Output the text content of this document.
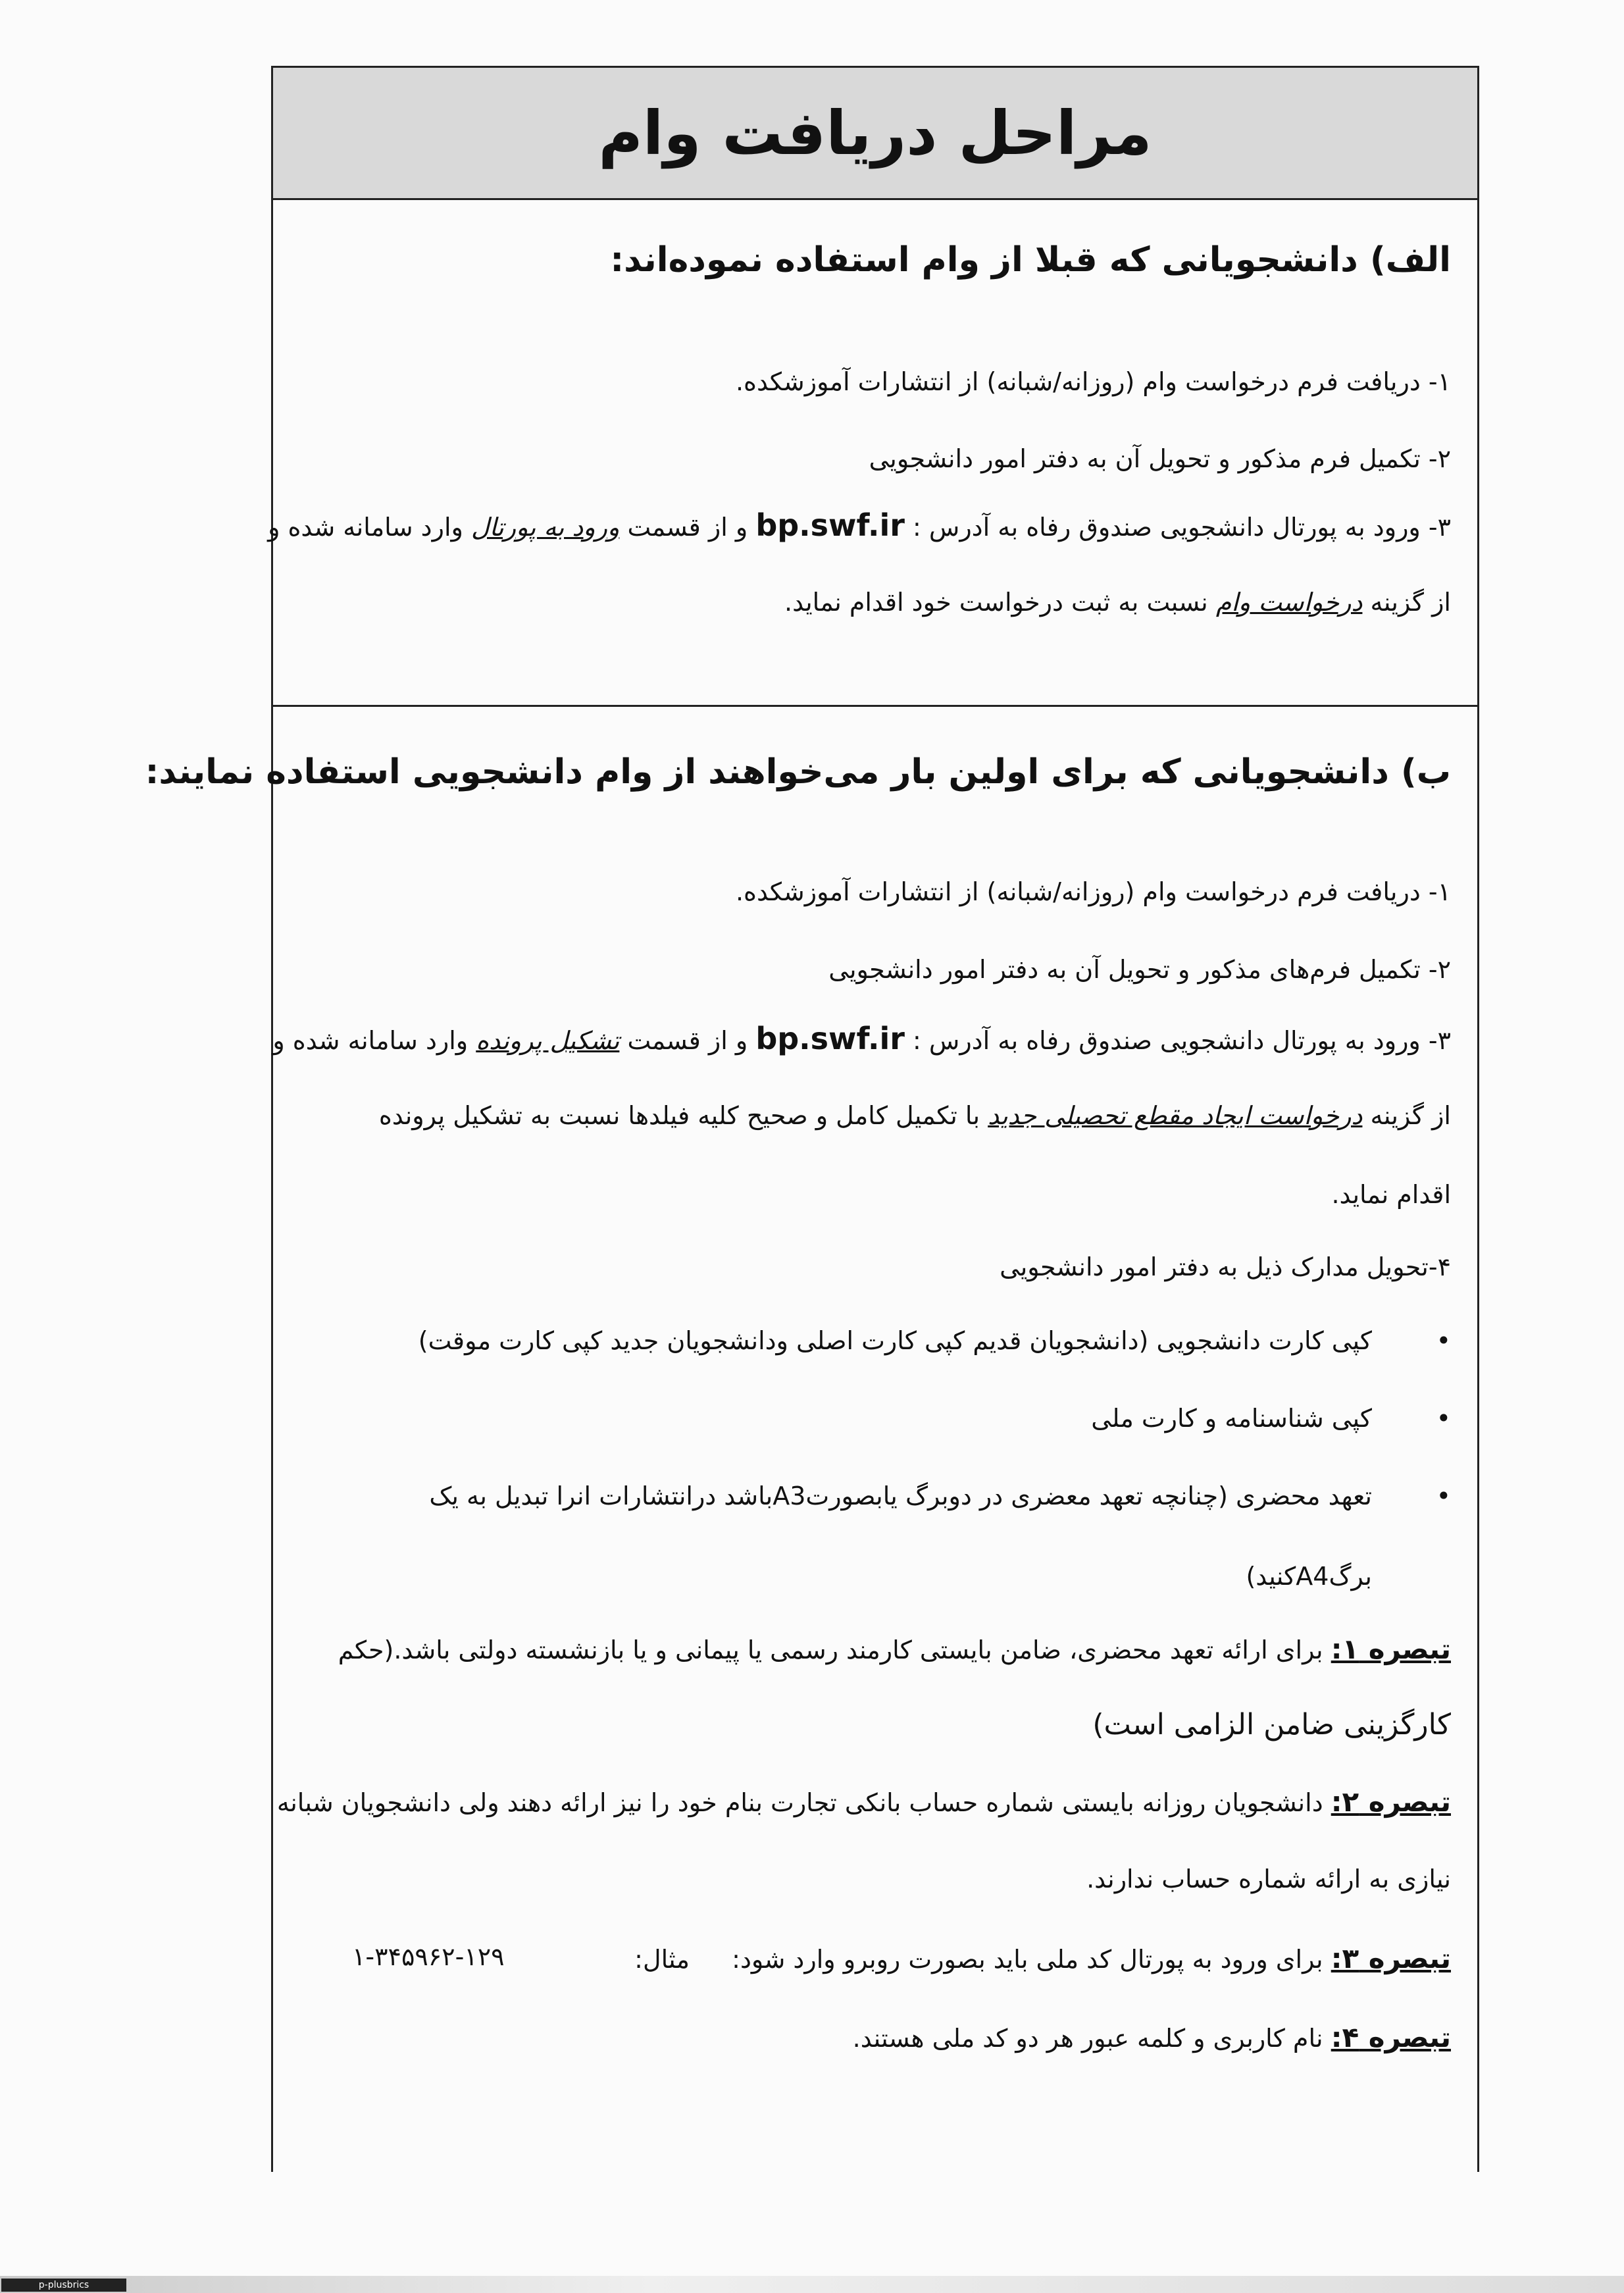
مراحل دریافت وام
الف) دانشجویانی که قبلا از وام استفاده نموده‌اند:
۱- دریافت فرم درخواست وام (روزانه/شبانه) از انتشارات آموزشکده.
۲- تکمیل فرم مذکور و تحویل آن به دفتر امور دانشجویی
۳- ورود به پورتال دانشجویی صندوق رفاه به آدرس : bp.swf.ir و از قسمت ورود به پورتال وارد سامانه شده و
از گزینه درخواست وام نسبت به ثبت درخواست خود اقدام نماید.
ب) دانشجویانی که برای اولین بار می‌خواهند از وام دانشجویی استفاده نمایند:
۱- دریافت فرم درخواست وام (روزانه/شبانه) از انتشارات آموزشکده.
۲- تکمیل فرم‌های مذکور و تحویل آن به دفتر امور دانشجویی
۳- ورود به پورتال دانشجویی صندوق رفاه به آدرس : bp.swf.ir و از قسمت تشکیل پرونده وارد سامانه شده و
از گزینه درخواست ایجاد مقطع تحصیلی جدید با تکمیل کامل و صحیح کلیه فیلدها نسبت به تشکیل پرونده
اقدام نماید.
۴-تحویل مدارک ذیل به دفتر امور دانشجویی
•
کپی کارت دانشجویی (دانشجویان قدیم کپی کارت اصلی ودانشجویان جدید کپی کارت موقت)
•
کپی شناسنامه و کارت ملی
•
تعهد محضری (چنانچه تعهد معضری در دوبرگ یابصورتA3باشد درانتشارات انرا تبدیل به یک
برگA4کنید)
تبصره ۱: برای ارائه تعهد محضری، ضامن بایستی کارمند رسمی یا پیمانی و یا بازنشسته دولتی باشد.(حکم
کارگزینی ضامن الزامی است)
تبصره ۲: دانشجویان روزانه بایستی شماره حساب بانکی تجارت بنام خود را نیز ارائه دهند ولی دانشجویان شبانه
نیازی به ارائه شماره حساب ندارند.
تبصره ۳: برای ورود به پورتال کد ملی باید بصورت روبرو وارد شود:  مثال:
۱-۳۴۵۹۶۲-۱۲۹
تبصره ۴: نام کاربری و کلمه عبور هر دو کد ملی هستند.
p-plusbrics
